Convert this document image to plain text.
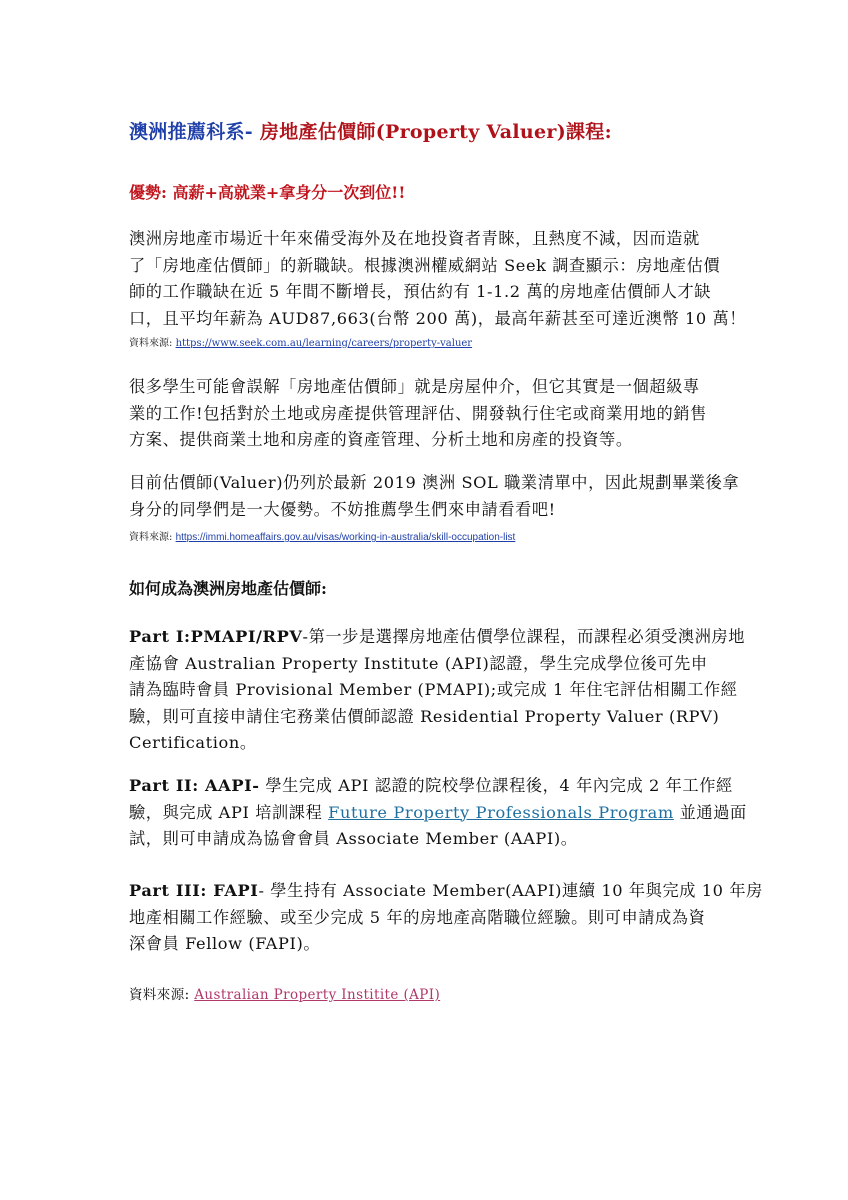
澳洲推薦科系- 房地產估價師(Property Valuer)課程:
優勢: 高薪+高就業+拿身分一次到位!!

澳洲房地產市場近十年來備受海外及在地投資者青睞，且熱度不減，因而造就
了「房地產估價師」的新職缺。根據澳洲權威網站 Seek 調查顯示：房地產估價
師的工作職缺在近 5 年間不斷增長，預估約有 1-1.2 萬的房地產估價師人才缺
口，且平均年薪為 AUD87,663(台幣 200 萬)，最高年薪甚至可達近澳幣 10 萬！

資料來源: https://www.seek.com.au/learning/careers/property-valuer

很多學生可能會誤解「房地產估價師」就是房屋仲介，但它其實是一個超級專
業的工作!包括對於土地或房產提供管理評估、開發執行住宅或商業用地的銷售
方案、提供商業土地和房產的資產管理、分析土地和房產的投資等。

目前估價師(Valuer)仍列於最新 2019 澳洲 SOL 職業清單中，因此規劃畢業後拿
身分的同學們是一大優勢。不妨推薦學生們來申請看看吧!

資料來源: https://immi.homeaffairs.gov.au/visas/working-in-australia/skill-occupation-list
如何成為澳洲房地產估價師:

Part I:PMAPI/RPV-第一步是選擇房地產估價學位課程，而課程必須受澳洲房地
產協會 Australian Property Institute (API)認證，學生完成學位後可先申
請為臨時會員 Provisional Member (PMAPI);或完成 1 年住宅評估相關工作經
驗，則可直接申請住宅務業估價師認證 Residential Property Valuer (RPV)
Certification。

Part II: AAPI- 學生完成 API 認證的院校學位課程後，4 年內完成 2 年工作經
驗，與完成 API 培訓課程 Future Property Professionals Program 並通過面
試，則可申請成為協會會員 Associate Member (AAPI)。

Part III: FAPI- 學生持有 Associate Member(AAPI)連續 10 年與完成 10 年房
地產相關工作經驗、或至少完成 5 年的房地產高階職位經驗。則可申請成為資
深會員 Fellow (FAPI)。

資料來源: Australian Property Institite (API)
